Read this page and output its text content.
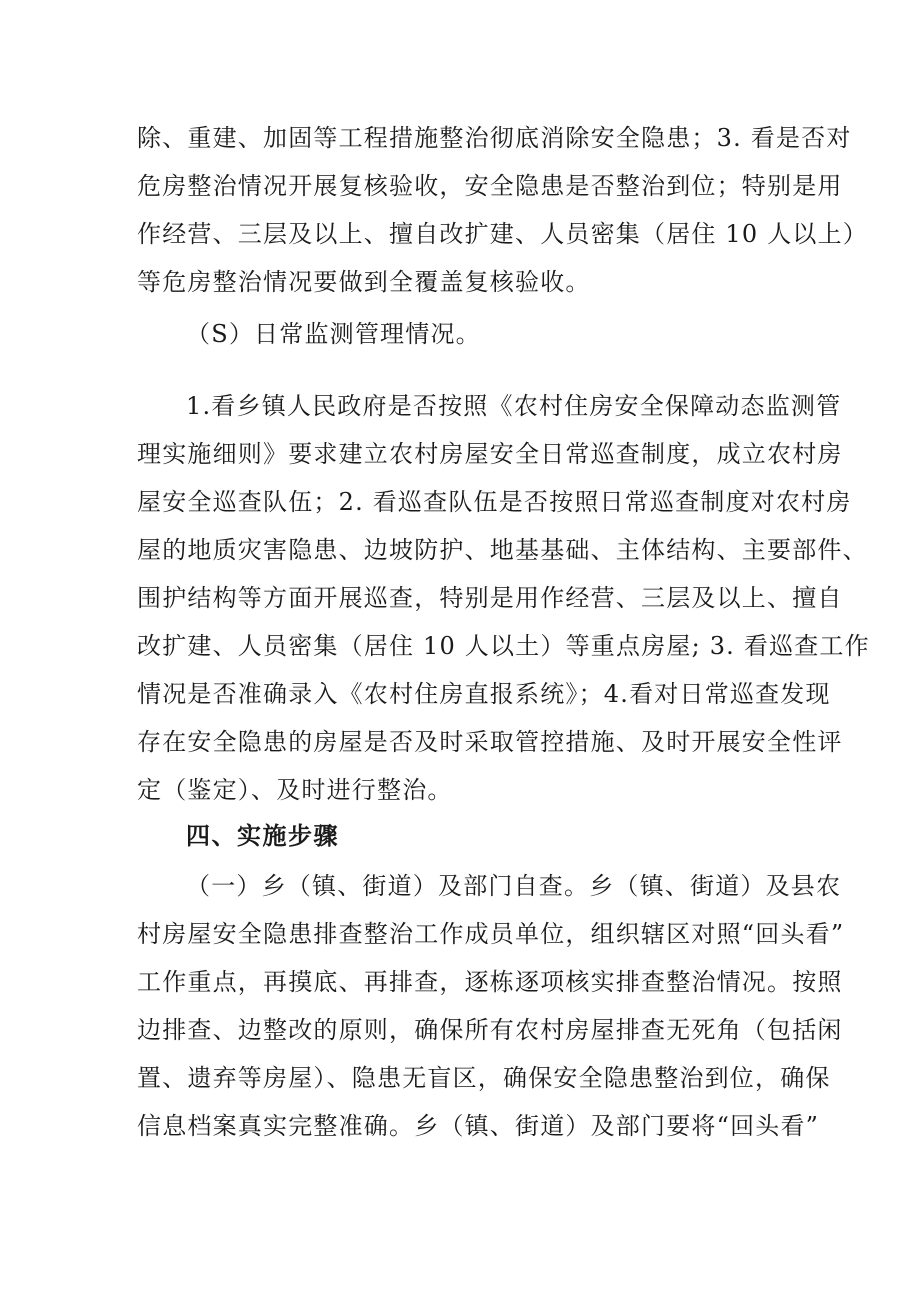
除、重建、加固等工程措施整治彻底消除安全隐患；3. 看是否对
危房整治情况开展复核验收，安全隐患是否整治到位；特别是用
作经营、三层及以上、擅自改扩建、人员密集（居住 10 人以上）
等危房整治情况要做到全覆盖复核验收。
（S）日常监测管理情况。
1.看乡镇人民政府是否按照《农村住房安全保障动态监测管
理实施细则》要求建立农村房屋安全日常巡查制度，成立农村房
屋安全巡查队伍；2. 看巡查队伍是否按照日常巡查制度对农村房
屋的地质灾害隐患、边坡防护、地基基础、主体结构、主要部件、
围护结构等方面开展巡查，特别是用作经营、三层及以上、擅自
改扩建、人员密集（居住 10 人以土）等重点房屋; 3. 看巡查工作
情况是否准确录入《农村住房直报系统》；4.看对日常巡查发现
存在安全隐患的房屋是否及时采取管控措施、及时开展安全性评
定（鉴定）、及时进行整治。
四、实施步骤
（一）乡（镇、街道）及部门自查。乡（镇、街道）及县农
村房屋安全隐患排查整治工作成员单位，组织辖区对照“回头看”
工作重点，再摸底、再排查，逐栋逐项核实排查整治情况。按照
边排查、边整改的原则，确保所有农村房屋排查无死角（包括闲
置、遗弃等房屋）、隐患无盲区，确保安全隐患整治到位，确保
信息档案真实完整准确。乡（镇、街道）及部门要将“回头看”
